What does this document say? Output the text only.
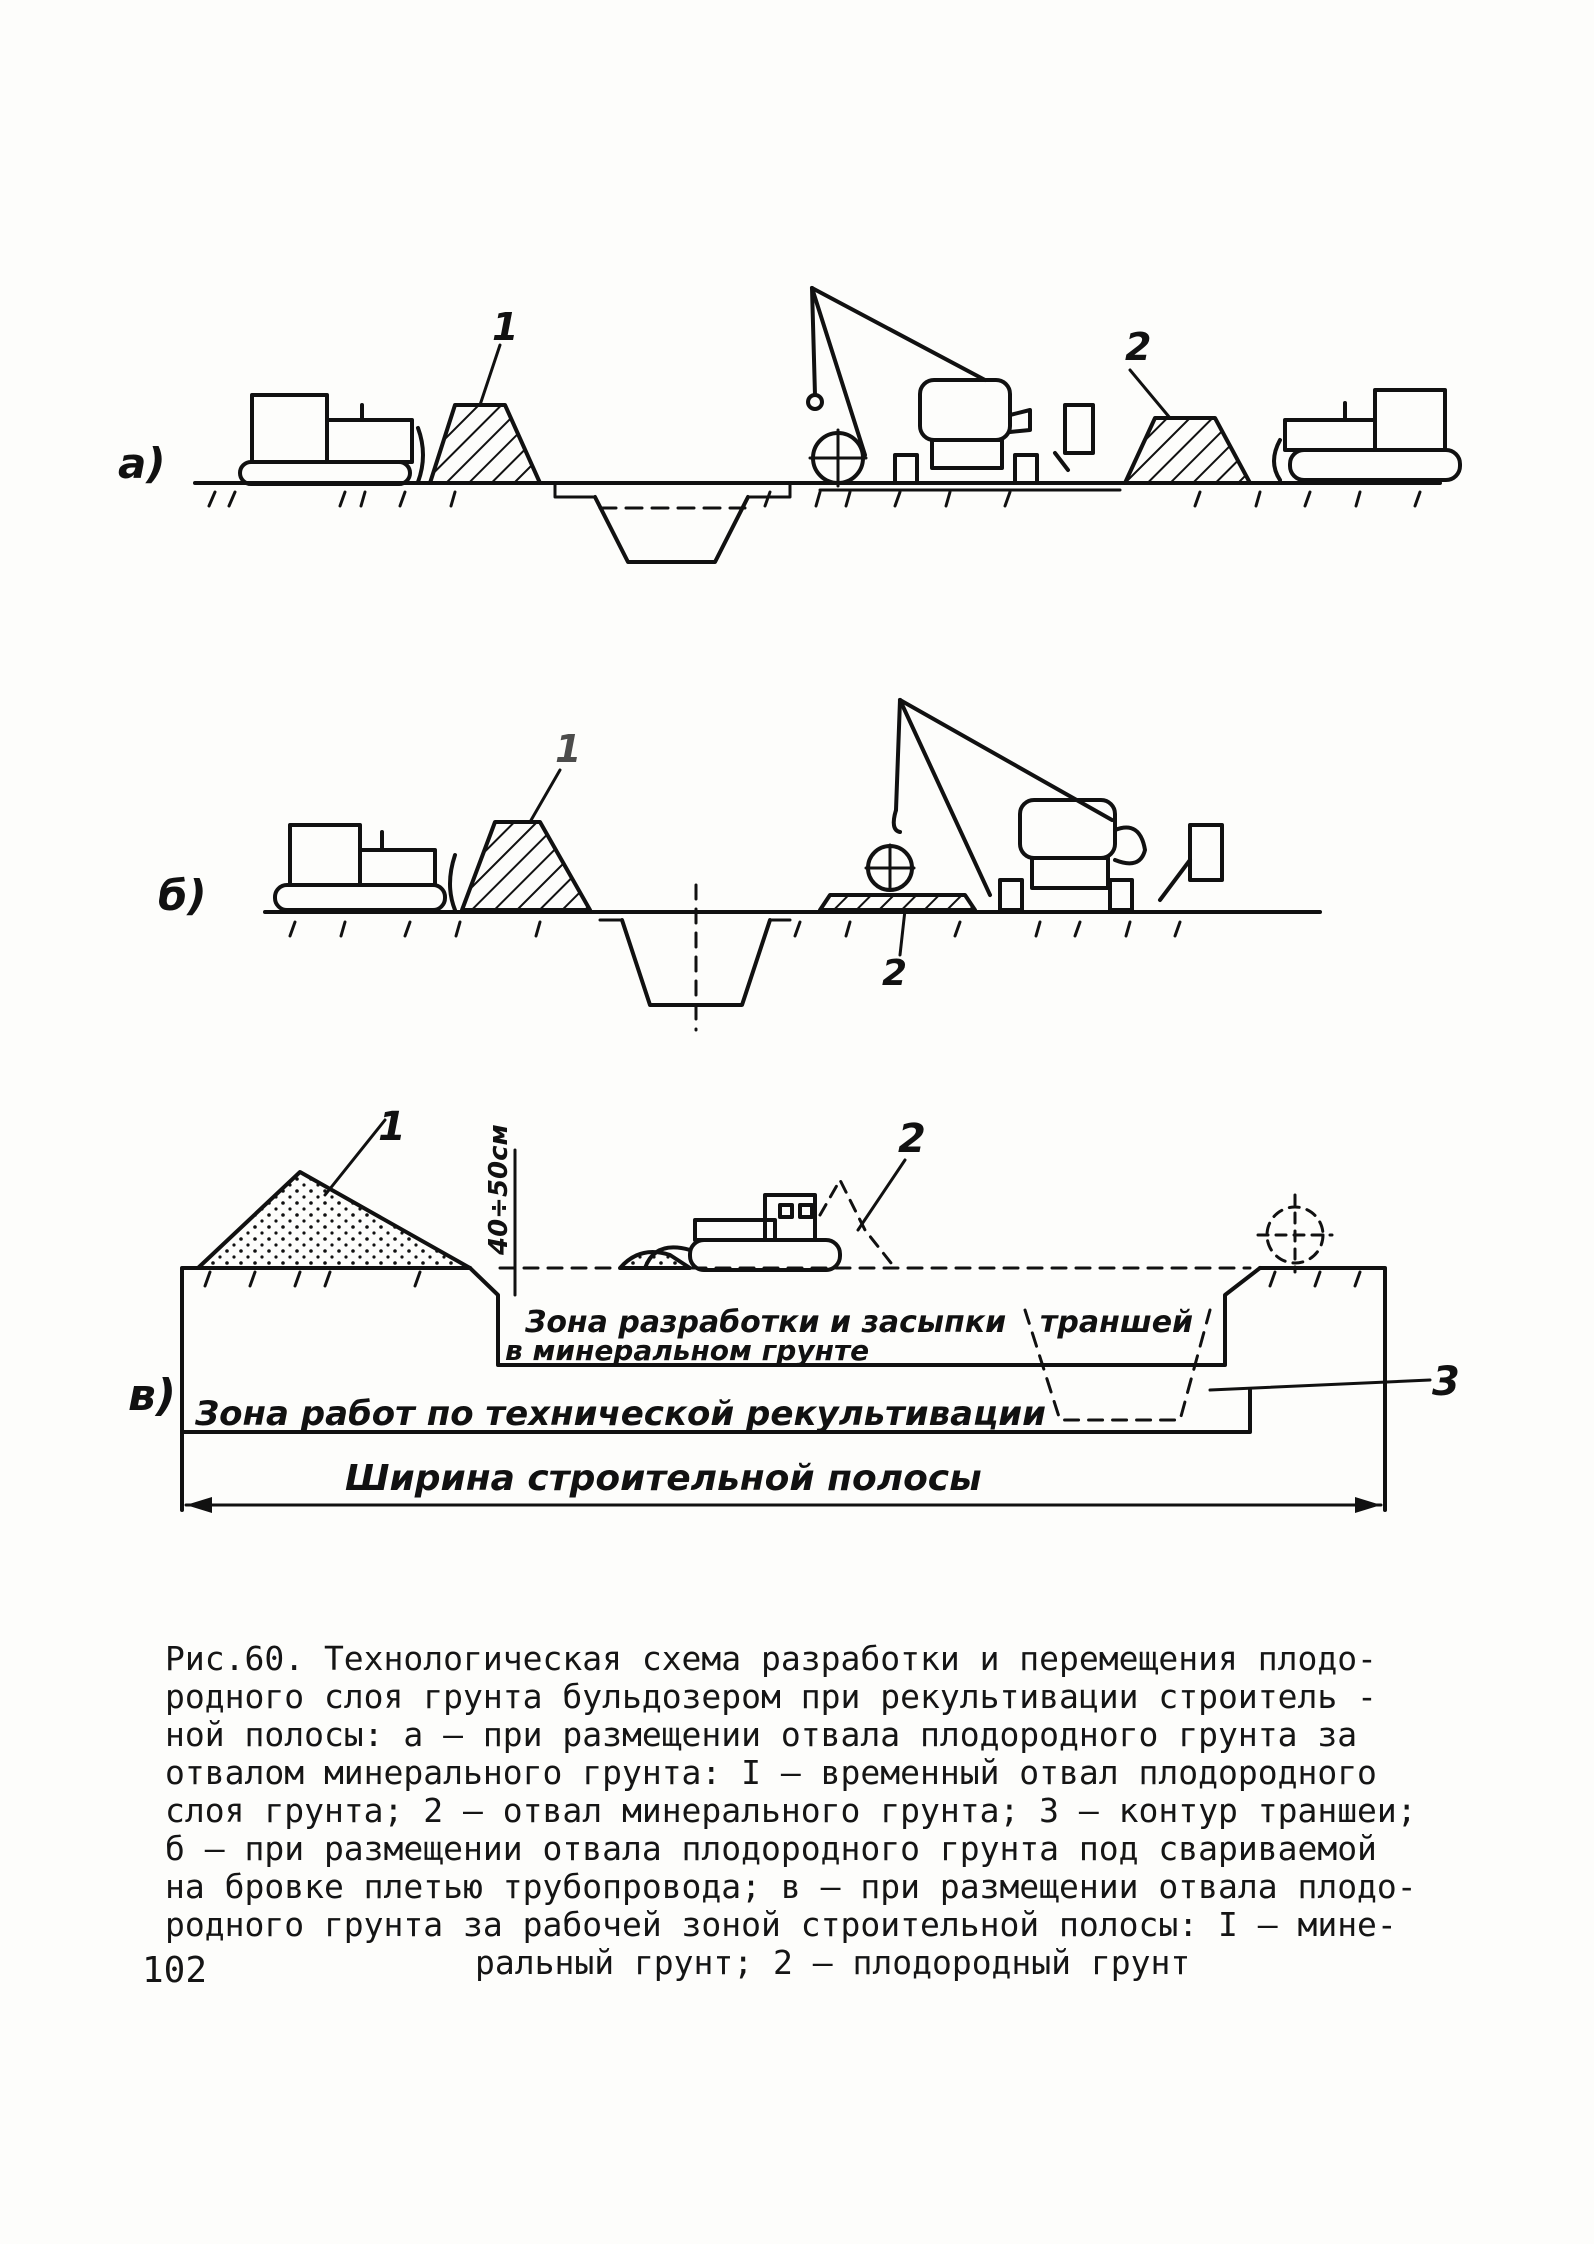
а)
1	2
б)
1
2
в)	3
1	40÷50см	2
Зона разработки и засыпки траншей
в минеральном грунте
Зона работ по технической рекультивации
Ширина строительной полосы

Рис.60. Технологическая схема разработки и перемещения плодо-
родного слоя грунта бульдозером при рекультивации строитель -
ной полосы: а – при размещении отвала плодородного грунта за
отвалом минерального грунта: I – временный отвал плодородного
слоя грунта; 2 – отвал минерального грунта; 3 – контур траншеи;
б – при размещении отвала плодородного грунта под свариваемой
на бровке плетью трубопровода; в – при размещении отвала плодо-
родного грунта за рабочей зоной строительной полосы: I – мине-
ральный грунт; 2 – плодородный грунт

102
